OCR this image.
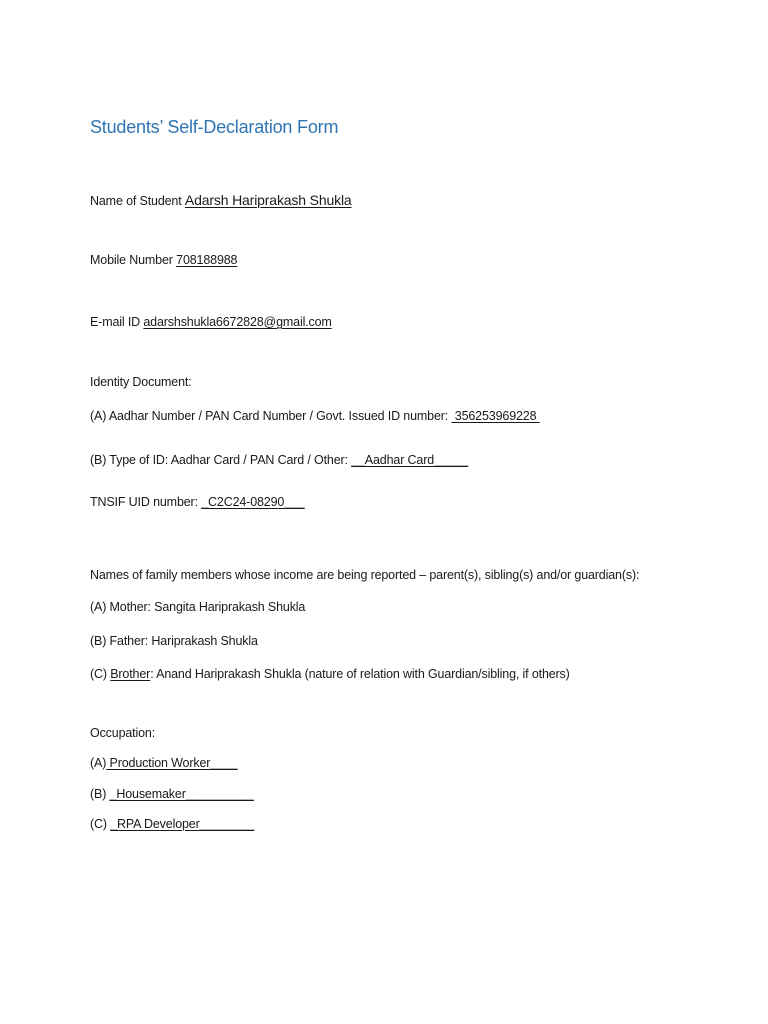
Students’ Self-Declaration Form
Name of Student Adarsh Hariprakash Shukla
Mobile Number 708188988
E-mail ID adarshshukla6672828@gmail.com
Identity Document:
(A) Aadhar Number / PAN Card Number / Govt. Issued ID number:  356253969228
(B) Type of ID: Aadhar Card / PAN Card / Other: __Aadhar Card_____
TNSIF UID number: _C2C24-08290___
Names of family members whose income are being reported – parent(s), sibling(s) and/or guardian(s):
(A) Mother: Sangita Hariprakash Shukla
(B) Father: Hariprakash Shukla
(C) Brother: Anand Hariprakash Shukla (nature of relation with Guardian/sibling, if others)
Occupation:
(A) Production Worker____
(B) _Housemaker__________
(C) _RPA Developer________
